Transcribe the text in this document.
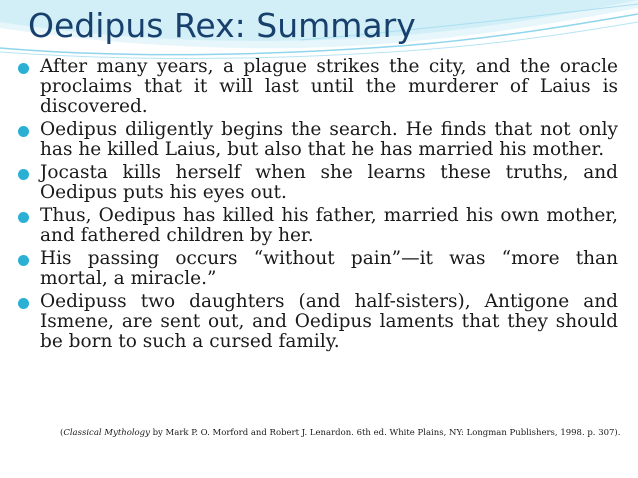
Oedipus Rex: Summary
After many years, a plague strikes the city, and the oracle proclaims that it will last until the murderer of Laius is discovered.
Oedipus diligently begins the search. He finds that not only has he killed Laius, but also that he has married his mother.
Jocasta kills herself when she learns these truths, and Oedipus puts his eyes out.
Thus, Oedipus has killed his father, married his own mother, and fathered children by her.
His passing occurs “without pain”—it was “more than mortal, a miracle.”
Oedipuss two daughters (and half-sisters), Antigone and Ismene, are sent out, and Oedipus laments that they should be born to such a cursed family.
(Classical Mythology by Mark P. O. Morford and Robert J. Lenardon. 6th ed. White Plains, NY: Longman Publishers, 1998. p. 307).
